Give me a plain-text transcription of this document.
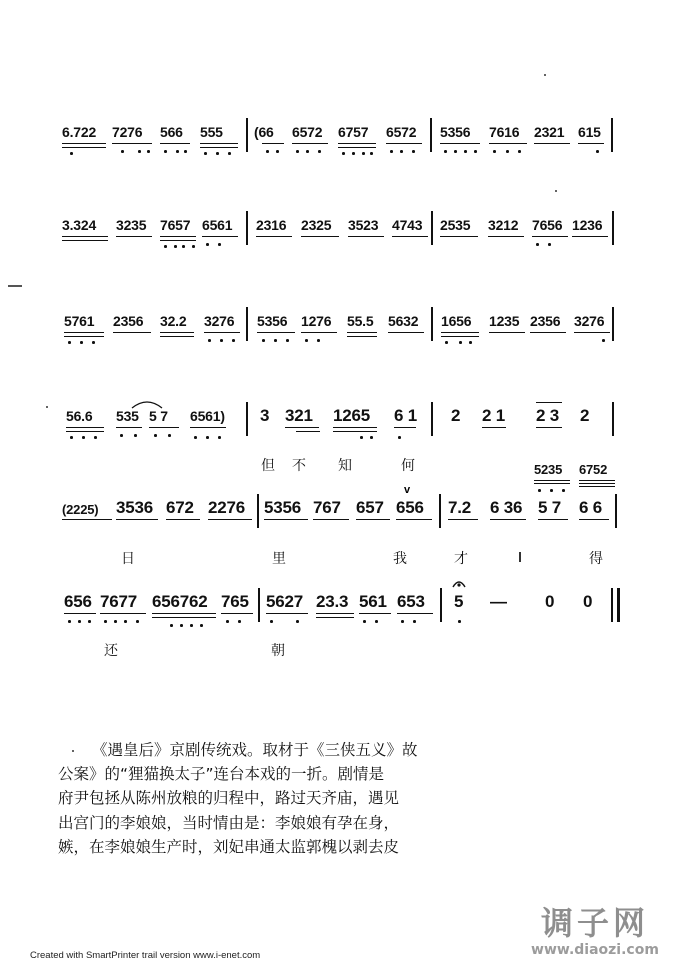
6.722 7276 566 555 (66 6572 6757 6572 5356 7616 2321 615
3.324 3235 7657 6561 2316 2325 3523 4743 2535 3212 7656 1236
5761 2356 32.2 3276 5356 1276 55.5 5632 1656 1235 2356 3276
56.6 535 5 7 6561) 3 321 1265 6 1 2 2 1 2 3 2
但 不 知	何	5235 6752
(2225) 3536 672 2276 5356 767 657 656
v
7.2 6 36 5 7 6 6
日	里	我	才	得
656 7677 656762 765 5627 23.3 561 653 5 — 0 0
还	朝
《遇皇后》京剧传统戏。取材于《三侠五义》故
公案》的“狸猫换太子”连台本戏的一折。剧情是
府尹包拯从陈州放粮的归程中，路过天齐庙，遇见
出宫门的李娘娘，当时情由是：李娘娘有孕在身，
嫉，在李娘娘生产时，刘妃串通太监郭槐以剥去皮
调子网
www.diaozi.com
Created with SmartPrinter trail version www.i-enet.com
